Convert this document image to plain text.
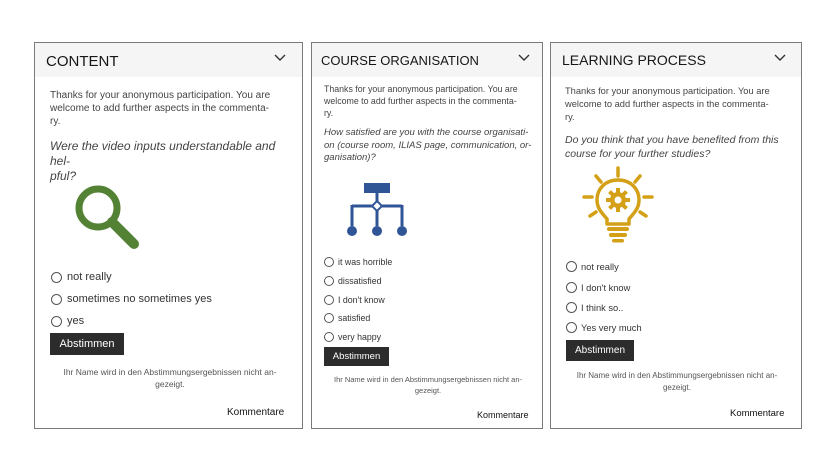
CONTENT
Thanks for your anonymous participation. You are
welcome to add further aspects in the commenta-
ry.
Were the video inputs understandable and hel-
pful?
not really
sometimes no sometimes yes
yes
Abstimmen
Ihr Name wird in den Abstimmungsergebnissen nicht an-
gezeigt.
Kommentare
COURSE ORGANISATION
Thanks for your anonymous participation. You are
welcome to add further aspects in the commenta-
ry.
How satisfied are you with the course organisati-
on (course room, ILIAS page, communication, or-
ganisation)?
it was horrible
dissatisfied
I don't know
satisfied
very happy
Abstimmen
Ihr Name wird in den Abstimmungsergebnissen nicht an-
gezeigt.
Kommentare
LEARNING PROCESS
Thanks for your anonymous participation. You are
welcome to add further aspects in the commenta-
ry.
Do you think that you have benefited from this
course for your further studies?
not really
I don't know
I think so..
Yes very much
Abstimmen
Ihr Name wird in den Abstimmungsergebnissen nicht an-
gezeigt.
Kommentare
